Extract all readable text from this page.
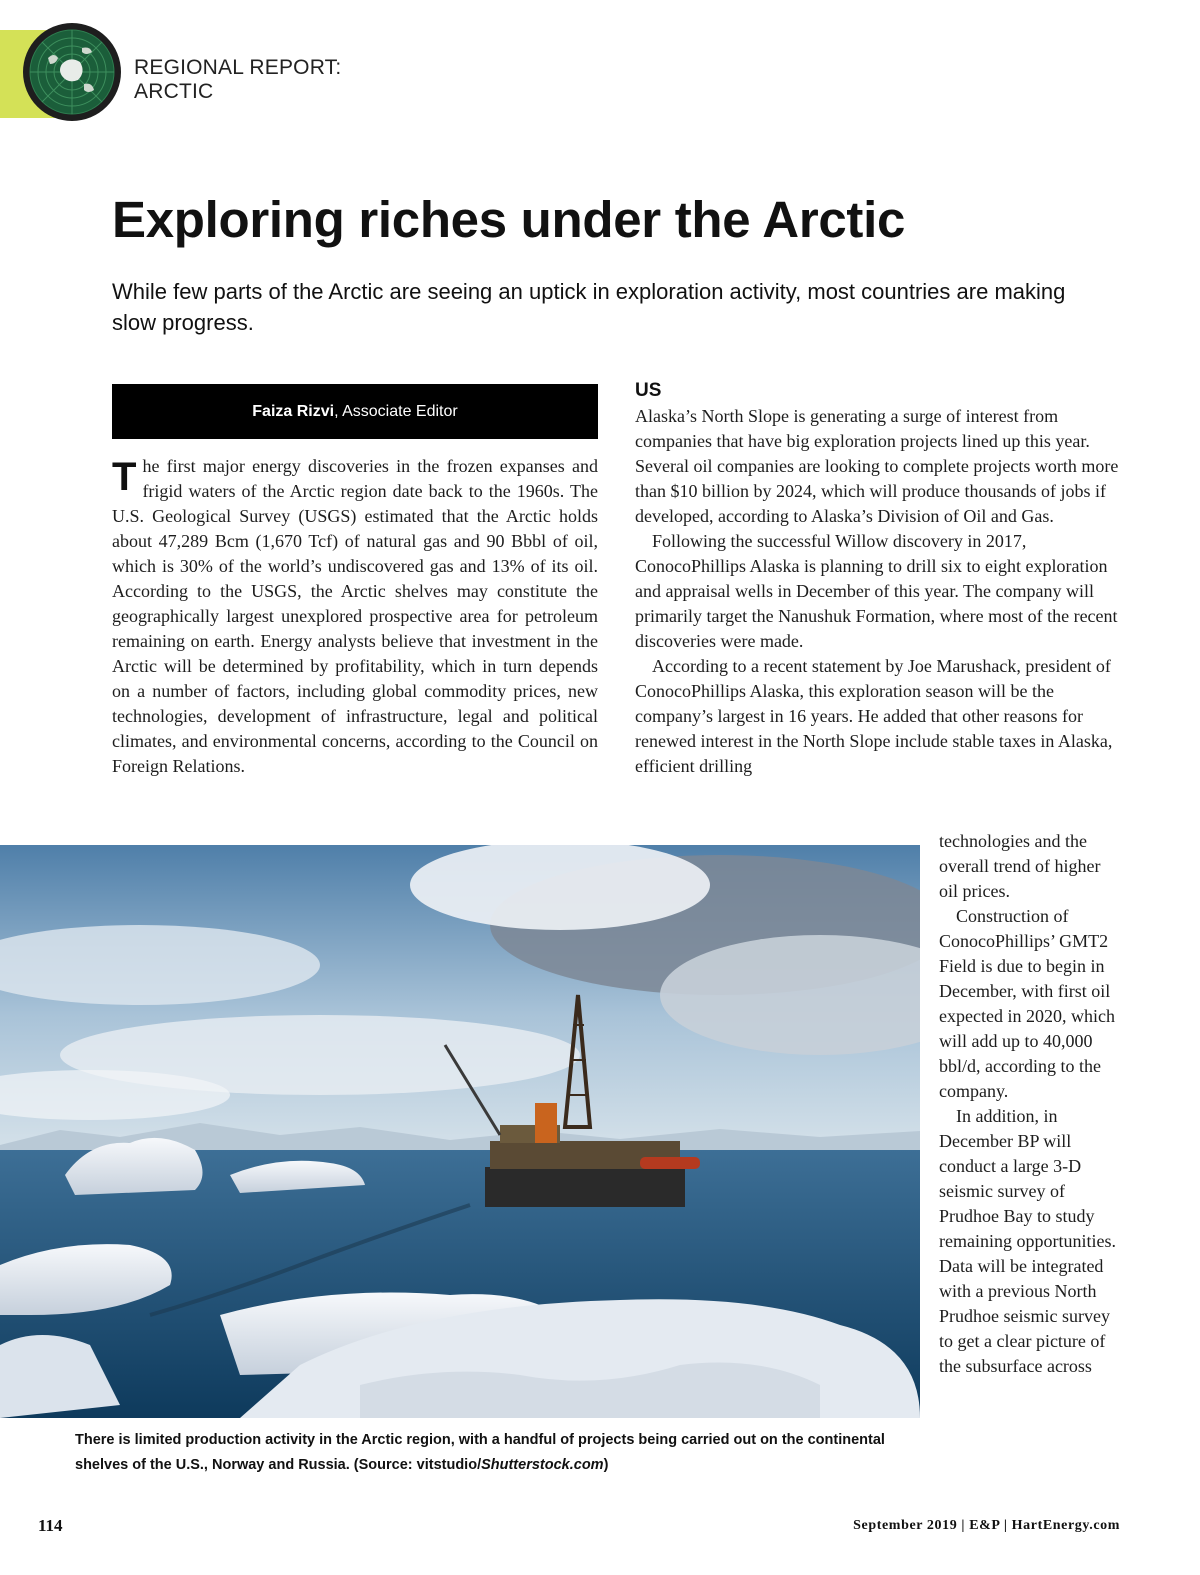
REGIONAL REPORT:
ARCTIC
Exploring riches under the Arctic

While few parts of the Arctic are seeing an uptick in exploration activity, most countries are making slow progress.

Faiza Rizvi , Associate Editor
The first major energy discoveries in the frozen expanses and frigid waters of the Arctic region date back to the 1960s. The U.S. Geological Survey (USGS) estimated that the Arctic holds about 47,289 Bcm (1,670 Tcf) of natural gas and 90 Bbbl of oil, which is 30% of the world’s undiscovered gas and 13% of its oil. According to the USGS, the Arctic shelves may constitute the geographically largest unexplored prospective area for petroleum remaining on earth. Energy analysts believe that investment in the Arctic will be determined by profitability, which in turn depends on a number of factors, including global commodity prices, new technologies, development of infrastructure, legal and political climates, and environmental concerns, according to the Council on Foreign Relations.
US

Alaska’s North Slope is generating a surge of interest from companies that have big exploration projects lined up this year. Several oil companies are looking to complete projects worth more than $10 billion by 2024, which will produce thousands of jobs if developed, according to Alaska’s Division of Oil and Gas.

Following the successful Willow discovery in 2017, ConocoPhillips Alaska is planning to drill six to eight exploration and appraisal wells in December of this year. The company will primarily target the Nanushuk Formation, where most of the recent discoveries were made.

According to a recent statement by Joe Marushack, president of ConocoPhillips Alaska, this exploration season will be the company’s largest in 16 years. He added that other reasons for renewed interest in the North Slope include stable taxes in Alaska, efficient drilling

technologies and the overall trend of higher oil prices.

Construction of ConocoPhillips’ GMT2 Field is due to begin in December, with first oil expected in 2020, which will add up to 40,000 bbl/d, according to the company.

In addition, in December BP will conduct a large 3-D seismic survey of Prudhoe Bay to study remaining opportunities. Data will be integrated with a previous North Prudhoe seismic survey to get a clear picture of the subsurface across

There is limited production activity in the Arctic region, with a handful of projects being carried out on the continental shelves of the U.S., Norway and Russia. (Source: vitstudio/Shutterstock.com)

114	September 2019 | E&P | HartEnergy.com
